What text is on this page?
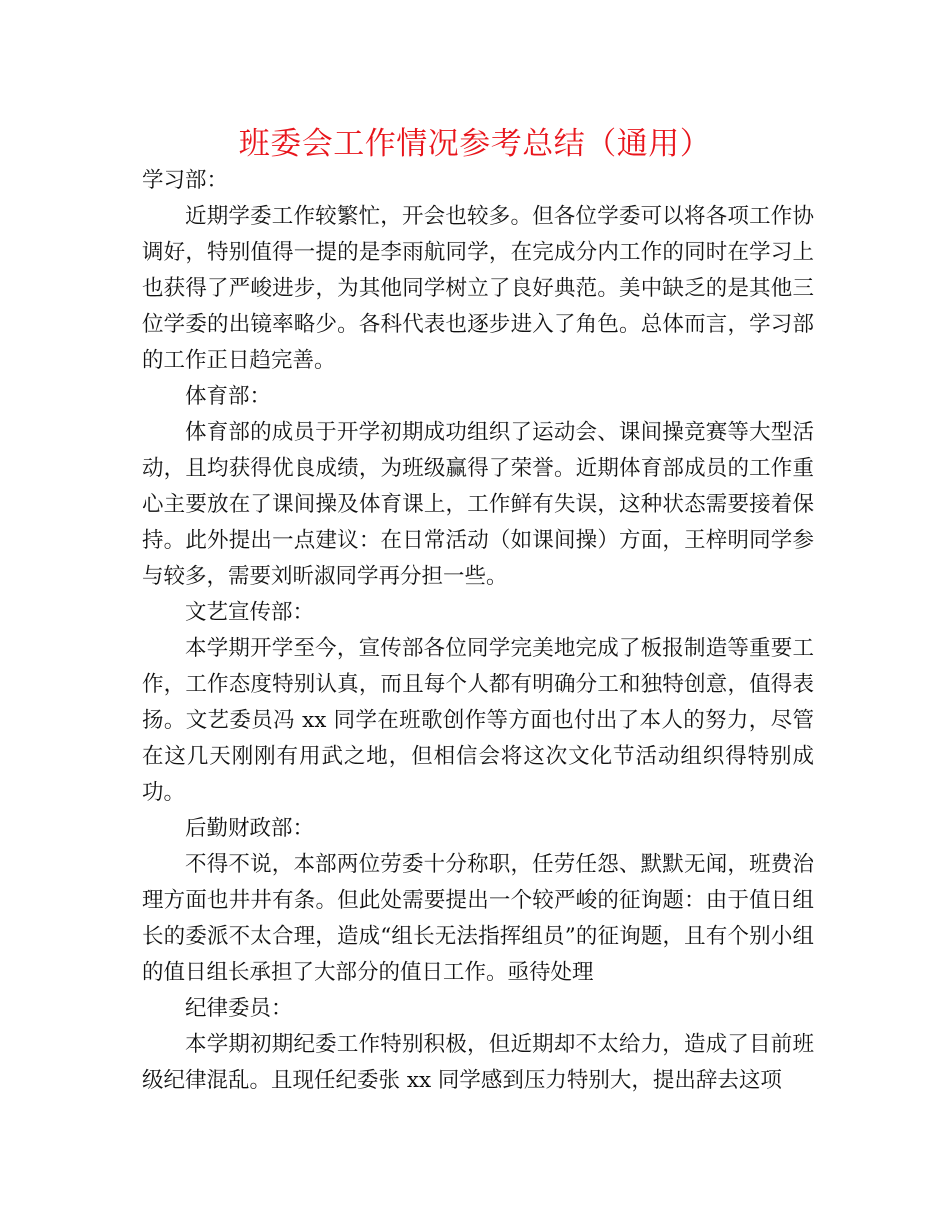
班委会工作情况参考总结（通用）

学习部：

近期学委工作较繁忙，开会也较多。但各位学委可以将各项工作协调好，特别值得一提的是李雨航同学，在完成分内工作的同时在学习上也获得了严峻进步，为其他同学树立了良好典范。美中缺乏的是其他三位学委的出镜率略少。各科代表也逐步进入了角色。总体而言，学习部的工作正日趋完善。

体育部：

体育部的成员于开学初期成功组织了运动会、课间操竞赛等大型活动，且均获得优良成绩，为班级赢得了荣誉。近期体育部成员的工作重心主要放在了课间操及体育课上，工作鲜有失误，这种状态需要接着保持。此外提出一点建议：在日常活动（如课间操）方面，王梓明同学参与较多，需要刘昕淑同学再分担一些。

文艺宣传部：

本学期开学至今，宣传部各位同学完美地完成了板报制造等重要工作，工作态度特别认真，而且每个人都有明确分工和独特创意，值得表扬。文艺委员冯 xx 同学在班歌创作等方面也付出了本人的努力，尽管在这几天刚刚有用武之地，但相信会将这次文化节活动组织得特别成功。

后勤财政部：

不得不说，本部两位劳委十分称职，任劳任怨、默默无闻，班费治理方面也井井有条。但此处需要提出一个较严峻的征询题：由于值日组长的委派不太合理，造成“组长无法指挥组员”的征询题，且有个别小组的值日组长承担了大部分的值日工作。亟待处理

纪律委员：

本学期初期纪委工作特别积极，但近期却不太给力，造成了目前班级纪律混乱。且现任纪委张 xx 同学感到压力特别大，提出辞去这项
